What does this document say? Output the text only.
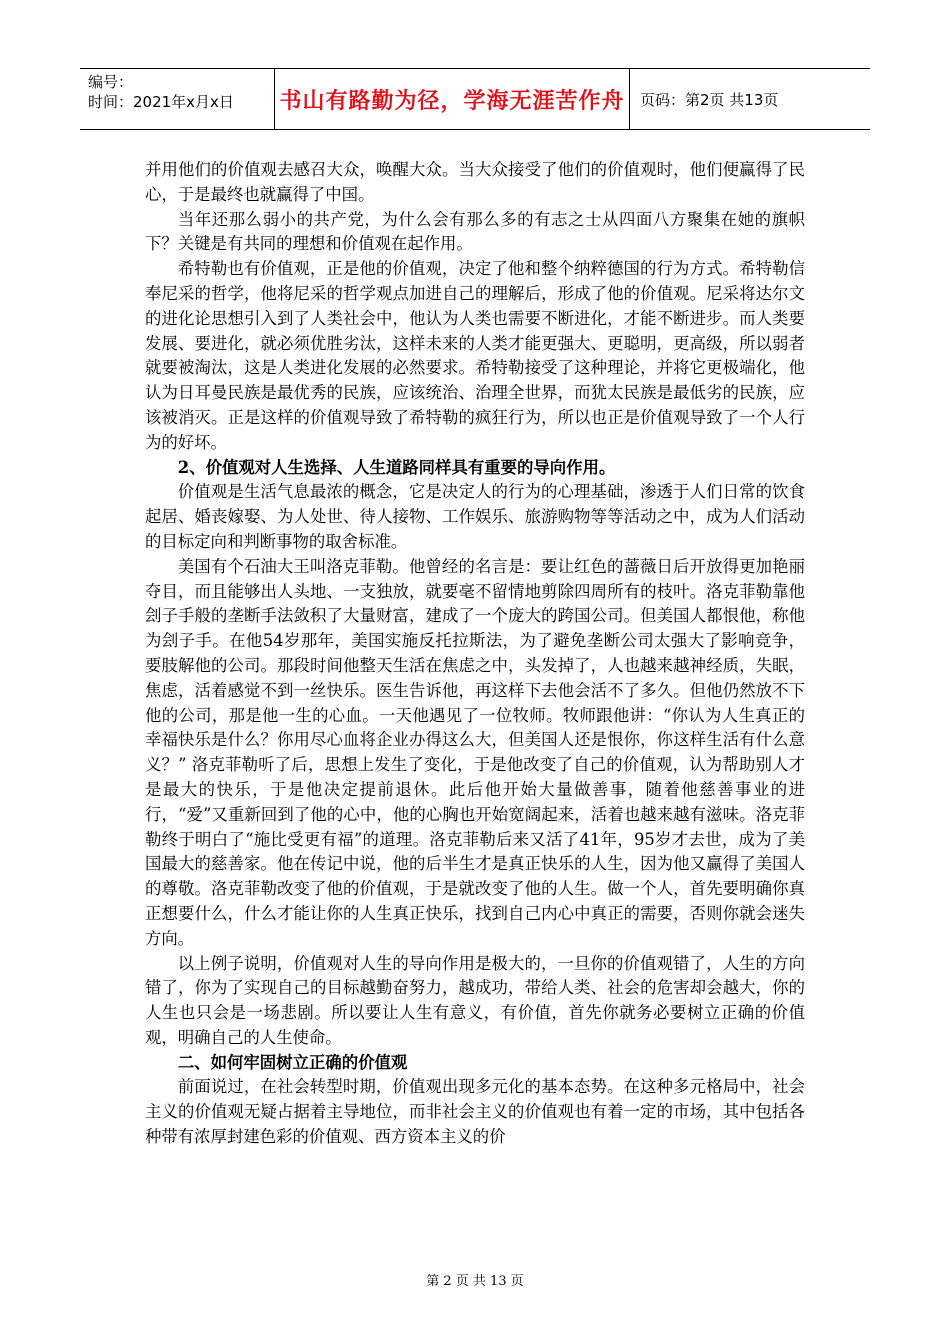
编号：
时间：2021年x月x日	书山有路勤为径，学海无涯苦作舟	页码：第2页 共13页

并用他们的价值观去感召大众，唤醒大众。当大众接受了他们的价值观时，他们便赢得了民心，于是最终也就赢得了中国。

当年还那么弱小的共产党，为什么会有那么多的有志之士从四面八方聚集在她的旗帜下？关键是有共同的理想和价值观在起作用。

希特勒也有价值观，正是他的价值观，决定了他和整个纳粹德国的行为方式。希特勒信奉尼采的哲学，他将尼采的哲学观点加进自己的理解后，形成了他的价值观。尼采将达尔文的进化论思想引入到了人类社会中，他认为人类也需要不断进化，才能不断进步。而人类要发展、要进化，就必须优胜劣汰，这样未来的人类才能更强大、更聪明，更高级，所以弱者就要被淘汰，这是人类进化发展的必然要求。希特勒接受了这种理论，并将它更极端化，他认为日耳曼民族是最优秀的民族，应该统治、治理全世界，而犹太民族是最低劣的民族，应该被消灭。正是这样的价值观导致了希特勒的疯狂行为，所以也正是价值观导致了一个人行为的好坏。

2、价值观对人生选择、人生道路同样具有重要的导向作用。

价值观是生活气息最浓的概念，它是决定人的行为的心理基础，渗透于人们日常的饮食起居、婚丧嫁娶、为人处世、待人接物、工作娱乐、旅游购物等等活动之中，成为人们活动的目标定向和判断事物的取舍标准。

美国有个石油大王叫洛克菲勒。他曾经的名言是：要让红色的蔷薇日后开放得更加艳丽夺目，而且能够出人头地、一支独放，就要毫不留情地剪除四周所有的枝叶。洛克菲勒靠他刽子手般的垄断手法敛积了大量财富，建成了一个庞大的跨国公司。但美国人都恨他，称他为刽子手。在他54岁那年，美国实施反托拉斯法，为了避免垄断公司太强大了影响竞争，要肢解他的公司。那段时间他整天生活在焦虑之中，头发掉了，人也越来越神经质，失眠，焦虑，活着感觉不到一丝快乐。医生告诉他，再这样下去他会活不了多久。但他仍然放不下他的公司，那是他一生的心血。一天他遇见了一位牧师。牧师跟他讲：“你认为人生真正的幸福快乐是什么？你用尽心血将企业办得这么大，但美国人还是恨你，你这样生活有什么意义？” 洛克菲勒听了后，思想上发生了变化，于是他改变了自己的价值观，认为帮助别人才是最大的快乐，于是他决定提前退休。此后他开始大量做善事，随着他慈善事业的进行，“爱”又重新回到了他的心中，他的心胸也开始宽阔起来，活着也越来越有滋味。洛克菲勒终于明白了“施比受更有福”的道理。洛克菲勒后来又活了41年，95岁才去世，成为了美国最大的慈善家。他在传记中说，他的后半生才是真正快乐的人生，因为他又赢得了美国人的尊敬。洛克菲勒改变了他的价值观，于是就改变了他的人生。做一个人，首先要明确你真正想要什么，什么才能让你的人生真正快乐，找到自己内心中真正的需要，否则你就会迷失方向。

以上例子说明，价值观对人生的导向作用是极大的，一旦你的价值观错了，人生的方向错了，你为了实现自己的目标越勤奋努力，越成功，带给人类、社会的危害却会越大，你的人生也只会是一场悲剧。所以要让人生有意义，有价值，首先你就务必要树立正确的价值观，明确自己的人生使命。

二、如何牢固树立正确的价值观

前面说过，在社会转型时期，价值观出现多元化的基本态势。在这种多元格局中，社会主义的价值观无疑占据着主导地位，而非社会主义的价值观也有着一定的市场，其中包括各种带有浓厚封建色彩的价值观、西方资本主义的价

第 2 页 共 13 页
